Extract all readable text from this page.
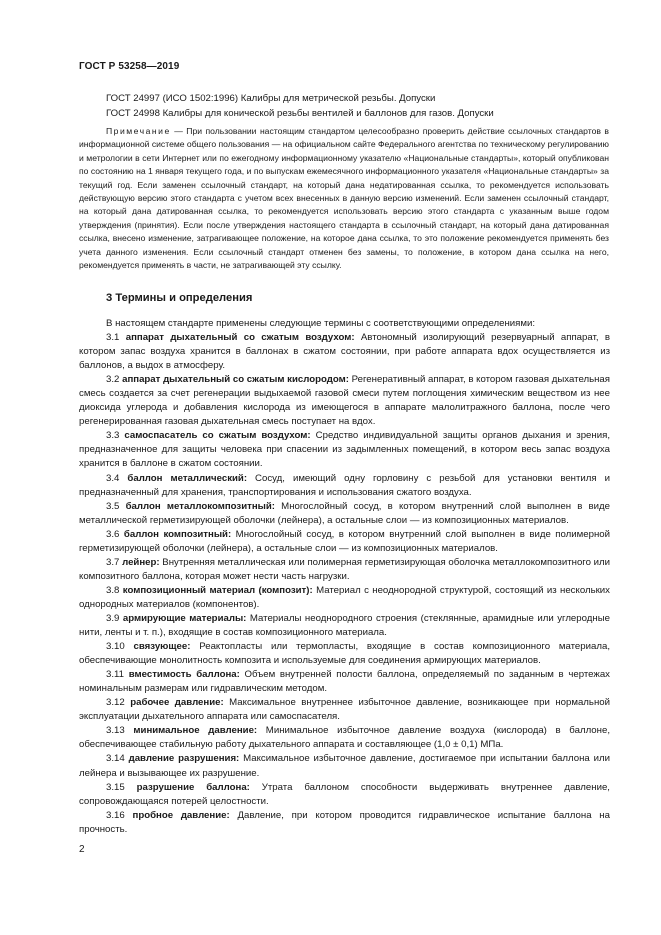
ГОСТ Р 53258—2019

ГОСТ 24997 (ИСО 1502:1996) Калибры для метрической резьбы. Допуски

ГОСТ 24998 Калибры для конической резьбы вентилей и баллонов для газов. Допуски

Примечание — При пользовании настоящим стандартом целесообразно проверить действие ссылочных стандартов в информационной системе общего пользования — на официальном сайте Федерального агентства по техническому регулированию и метрологии в сети Интернет или по ежегодному информационному указателю «Национальные стандарты», который опубликован по состоянию на 1 января текущего года, и по выпускам ежемесячного информационного указателя «Национальные стандарты» за текущий год. Если заменен ссылочный стандарт, на который дана недатированная ссылка, то рекомендуется использовать действующую версию этого стандарта с учетом всех внесенных в данную версию изменений. Если заменен ссылочный стандарт, на который дана датированная ссылка, то рекомендуется использовать версию этого стандарта с указанным выше годом утверждения (принятия). Если после утверждения настоящего стандарта в ссылочный стандарт, на который дана датированная ссылка, внесено изменение, затрагивающее положение, на которое дана ссылка, то это положение рекомендуется применять без учета данного изменения. Если ссылочный стандарт отменен без замены, то положение, в котором дана ссылка на него, рекомендуется применять в части, не затрагивающей эту ссылку.

3 Термины и определения

В настоящем стандарте применены следующие термины с соответствующими определениями:

3.1 аппарат дыхательный со сжатым воздухом: Автономный изолирующий резервуарный аппарат, в котором запас воздуха хранится в баллонах в сжатом состоянии, при работе аппарата вдох осуществляется из баллонов, а выдох в атмосферу.

3.2 аппарат дыхательный со сжатым кислородом: Регенеративный аппарат, в котором газовая дыхательная смесь создается за счет регенерации выдыхаемой газовой смеси путем поглощения химическим веществом из нее диоксида углерода и добавления кислорода из имеющегося в аппарате малолитражного баллона, после чего регенерированная газовая дыхательная смесь поступает на вдох.

3.3 самоспасатель со сжатым воздухом: Средство индивидуальной защиты органов дыхания и зрения, предназначенное для защиты человека при спасении из задымленных помещений, в котором весь запас воздуха хранится в баллоне в сжатом состоянии.

3.4 баллон металлический: Сосуд, имеющий одну горловину с резьбой для установки вентиля и предназначенный для хранения, транспортирования и использования сжатого воздуха.

3.5 баллон металлокомпозитный: Многослойный сосуд, в котором внутренний слой выполнен в виде металлической герметизирующей оболочки (лейнера), а остальные слои — из композиционных материалов.

3.6 баллон композитный: Многослойный сосуд, в котором внутренний слой выполнен в виде полимерной герметизирующей оболочки (лейнера), а остальные слои — из композиционных материалов.

3.7 лейнер: Внутренняя металлическая или полимерная герметизирующая оболочка металлокомпозитного или композитного баллона, которая может нести часть нагрузки.

3.8 композиционный материал (композит): Материал с неоднородной структурой, состоящий из нескольких однородных материалов (компонентов).

3.9 армирующие материалы: Материалы неоднородного строения (стеклянные, арамидные или углеродные нити, ленты и т. п.), входящие в состав композиционного материала.

3.10 связующее: Реактопласты или термопласты, входящие в состав композиционного материала, обеспечивающие монолитность композита и используемые для соединения армирующих материалов.

3.11 вместимость баллона: Объем внутренней полости баллона, определяемый по заданным в чертежах номинальным размерам или гидравлическим методом.

3.12 рабочее давление: Максимальное внутреннее избыточное давление, возникающее при нормальной эксплуатации дыхательного аппарата или самоспасателя.

3.13 минимальное давление: Минимальное избыточное давление воздуха (кислорода) в баллоне, обеспечивающее стабильную работу дыхательного аппарата и составляющее (1,0 ± 0,1) МПа.

3.14 давление разрушения: Максимальное избыточное давление, достигаемое при испытании баллона или лейнера и вызывающее их разрушение.

3.15 разрушение баллона: Утрата баллоном способности выдерживать внутреннее давление, сопровождающаяся потерей целостности.

3.16 пробное давление: Давление, при котором проводится гидравлическое испытание баллона на прочность.

2
